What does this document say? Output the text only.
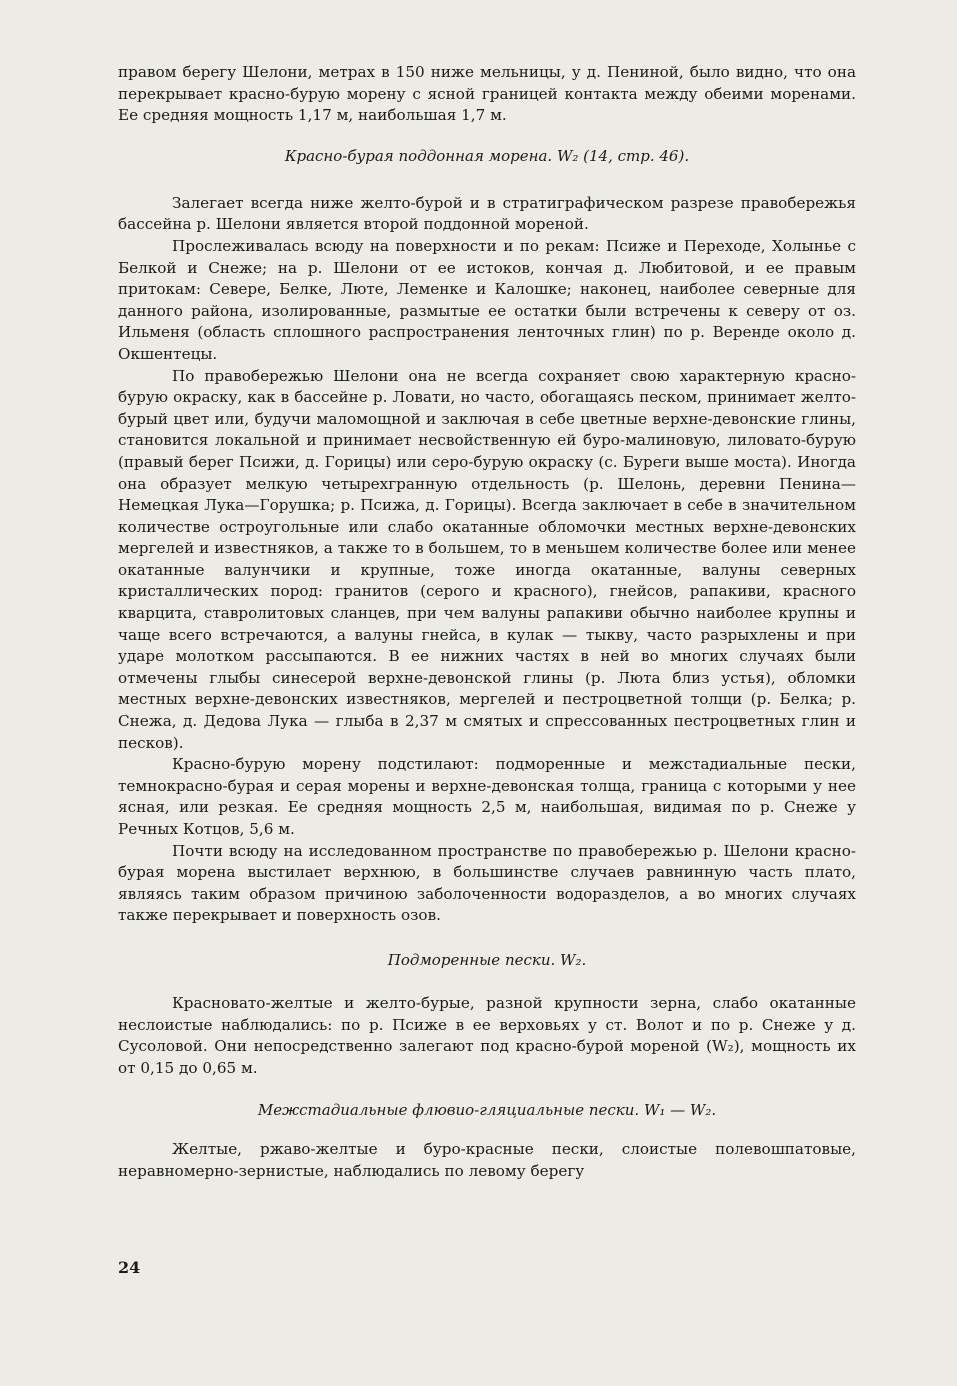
правом берегу Шелони, метрах в 150 ниже мельницы, у д. Пениной, было видно, что она перекрывает красно-бурую морену с ясной границей контакта между обеими моренами. Ее средняя мощность 1,17 м, наибольшая 1,7 м.

Красно-бурая поддонная морена. W₂ (14, стр. 46).

Залегает всегда ниже желто-бурой и в стратиграфическом разрезе правобережья бассейна р. Шелони является второй поддонной мореной.

Прослеживалась всюду на поверхности и по рекам: Псиже и Переходе, Холынье с Белкой и Снеже; на р. Шелони от ее истоков, кончая д. Любитовой, и ее правым притокам: Севере, Белке, Люте, Леменке и Калошке; наконец, наиболее северные для данного района, изолированные, размытые ее остатки были встречены к северу от оз. Ильменя (область сплошного распространения ленточных глин) по р. Веренде около д. Окшентецы.

По правобережью Шелони она не всегда сохраняет свою характерную красно-бурую окраску, как в бассейне р. Ловати, но часто, обогащаясь песком, принимает желто-бурый цвет или, будучи маломощной и заключая в себе цветные верхне-девонские глины, становится локальной и принимает несвойственную ей буро-малиновую, лиловато-бурую (правый берег Псижи, д. Горицы) или серо-бурую окраску (с. Буреги выше моста). Иногда она образует мелкую четырехгранную отдельность (р. Шелонь, деревни Пенина—Немецкая Лука—Горушка; р. Псижа, д. Горицы). Всегда заключает в себе в значительном количестве остроугольные или слабо окатанные обломочки местных верхне-девонских мергелей и известняков, а также то в большем, то в меньшем количестве более или менее окатанные валунчики и крупные, тоже иногда окатанные, валуны северных кристаллических пород: гранитов (серого и красного), гнейсов, рапакиви, красного кварцита, ставролитовых сланцев, при чем валуны рапакиви обычно наиболее крупны и чаще всего встречаются, а валуны гнейса, в кулак — тыкву, часто разрыхлены и при ударе молотком рассыпаются. В ее нижних частях в ней во многих случаях были отмечены глыбы синесерой верхне-девонской глины (р. Люта близ устья), обломки местных верхне-девонских известняков, мергелей и пестроцветной толщи (р. Белка; р. Снежа, д. Дедова Лука — глыба в 2,37 м смятых и спрессованных пестроцветных глин и песков).

Красно-бурую морену подстилают: подморенные и межстадиальные пески, темнокрасно-бурая и серая морены и верхне-девонская толща, граница с которыми у нее ясная, или резкая. Ее средняя мощность 2,5 м, наибольшая, видимая по р. Снеже у Речных Котцов, 5,6 м.

Почти всюду на исследованном пространстве по правобережью р. Шелони красно-бурая морена выстилает верхнюю, в большинстве случаев равнинную часть плато, являясь таким образом причиною заболоченности водоразделов, а во многих случаях также перекрывает и поверхность озов.

Подморенные пески. W₂.

Красновато-желтые и желто-бурые, разной крупности зерна, слабо окатанные неслоистые наблюдались: по р. Псиже в ее верховьях у ст. Волот и по р. Снеже у д. Сусоловой. Они непосредственно залегают под красно-бурой мореной (W₂), мощность их от 0,15 до 0,65 м.

Межстадиальные флювио-гляциальные пески. W₁ — W₂.

Желтые, ржаво-желтые и буро-красные пески, слоистые полевошпатовые, неравномерно-зернистые, наблюдались по левому берегу

24
